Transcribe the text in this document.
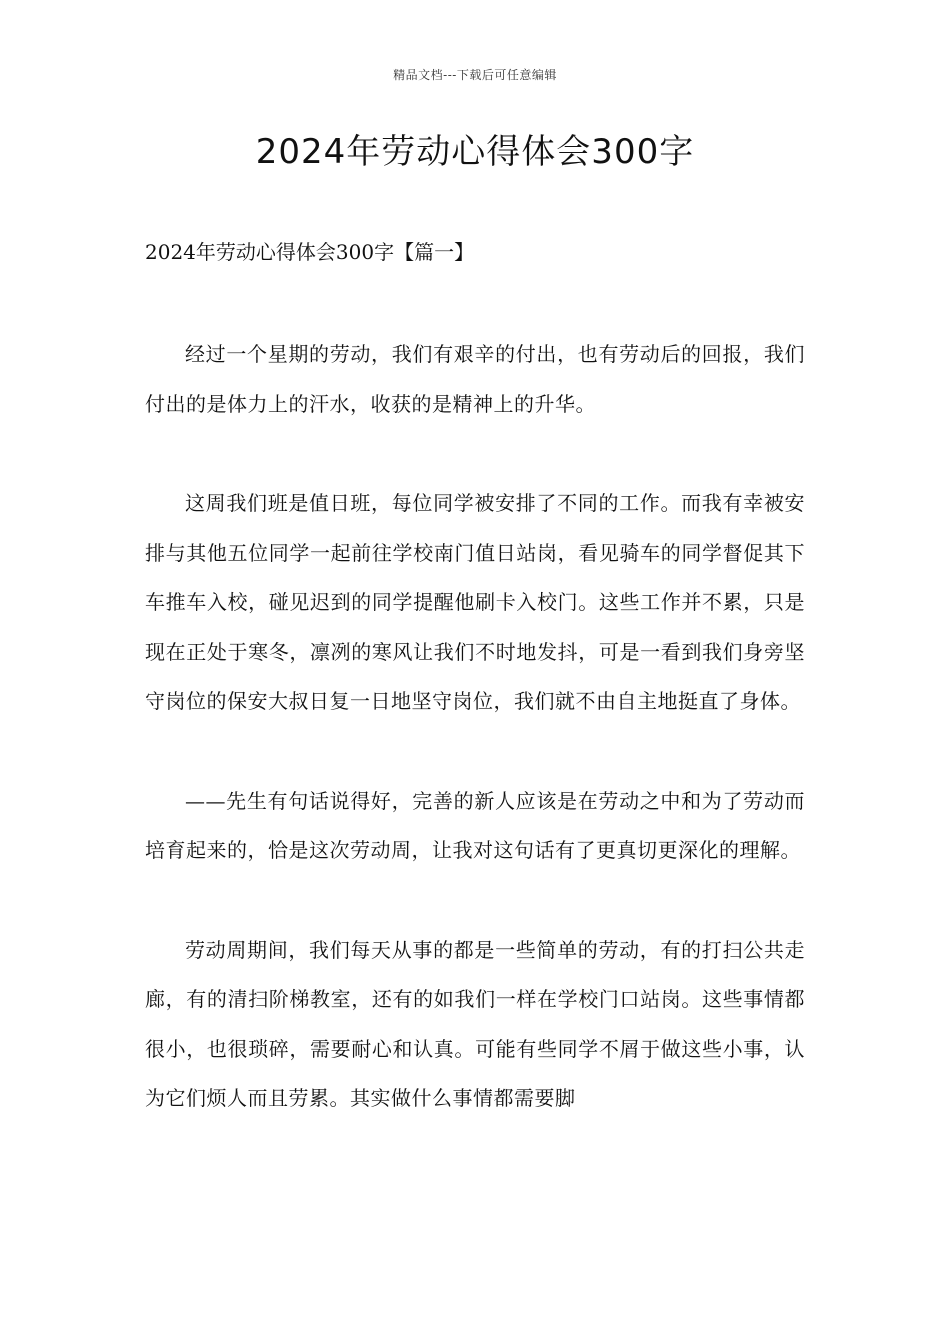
精品文档---下载后可任意编辑
2024年劳动心得体会300字
2024年劳动心得体会300字【篇一】

经过一个星期的劳动，我们有艰辛的付出，也有劳动后的回报，我们付出的是体力上的汗水，收获的是精神上的升华。

这周我们班是值日班，每位同学被安排了不同的工作。而我有幸被安排与其他五位同学一起前往学校南门值日站岗，看见骑车的同学督促其下车推车入校，碰见迟到的同学提醒他刷卡入校门。这些工作并不累，只是现在正处于寒冬，凛冽的寒风让我们不时地发抖，可是一看到我们身旁坚守岗位的保安大叔日复一日地坚守岗位，我们就不由自主地挺直了身体。

——先生有句话说得好，完善的新人应该是在劳动之中和为了劳动而培育起来的，恰是这次劳动周，让我对这句话有了更真切更深化的理解。

劳动周期间，我们每天从事的都是一些简单的劳动，有的打扫公共走廊，有的清扫阶梯教室，还有的如我们一样在学校门口站岗。这些事情都很小，也很琐碎，需要耐心和认真。可能有些同学不屑于做这些小事，认为它们烦人而且劳累。其实做什么事情都需要脚
